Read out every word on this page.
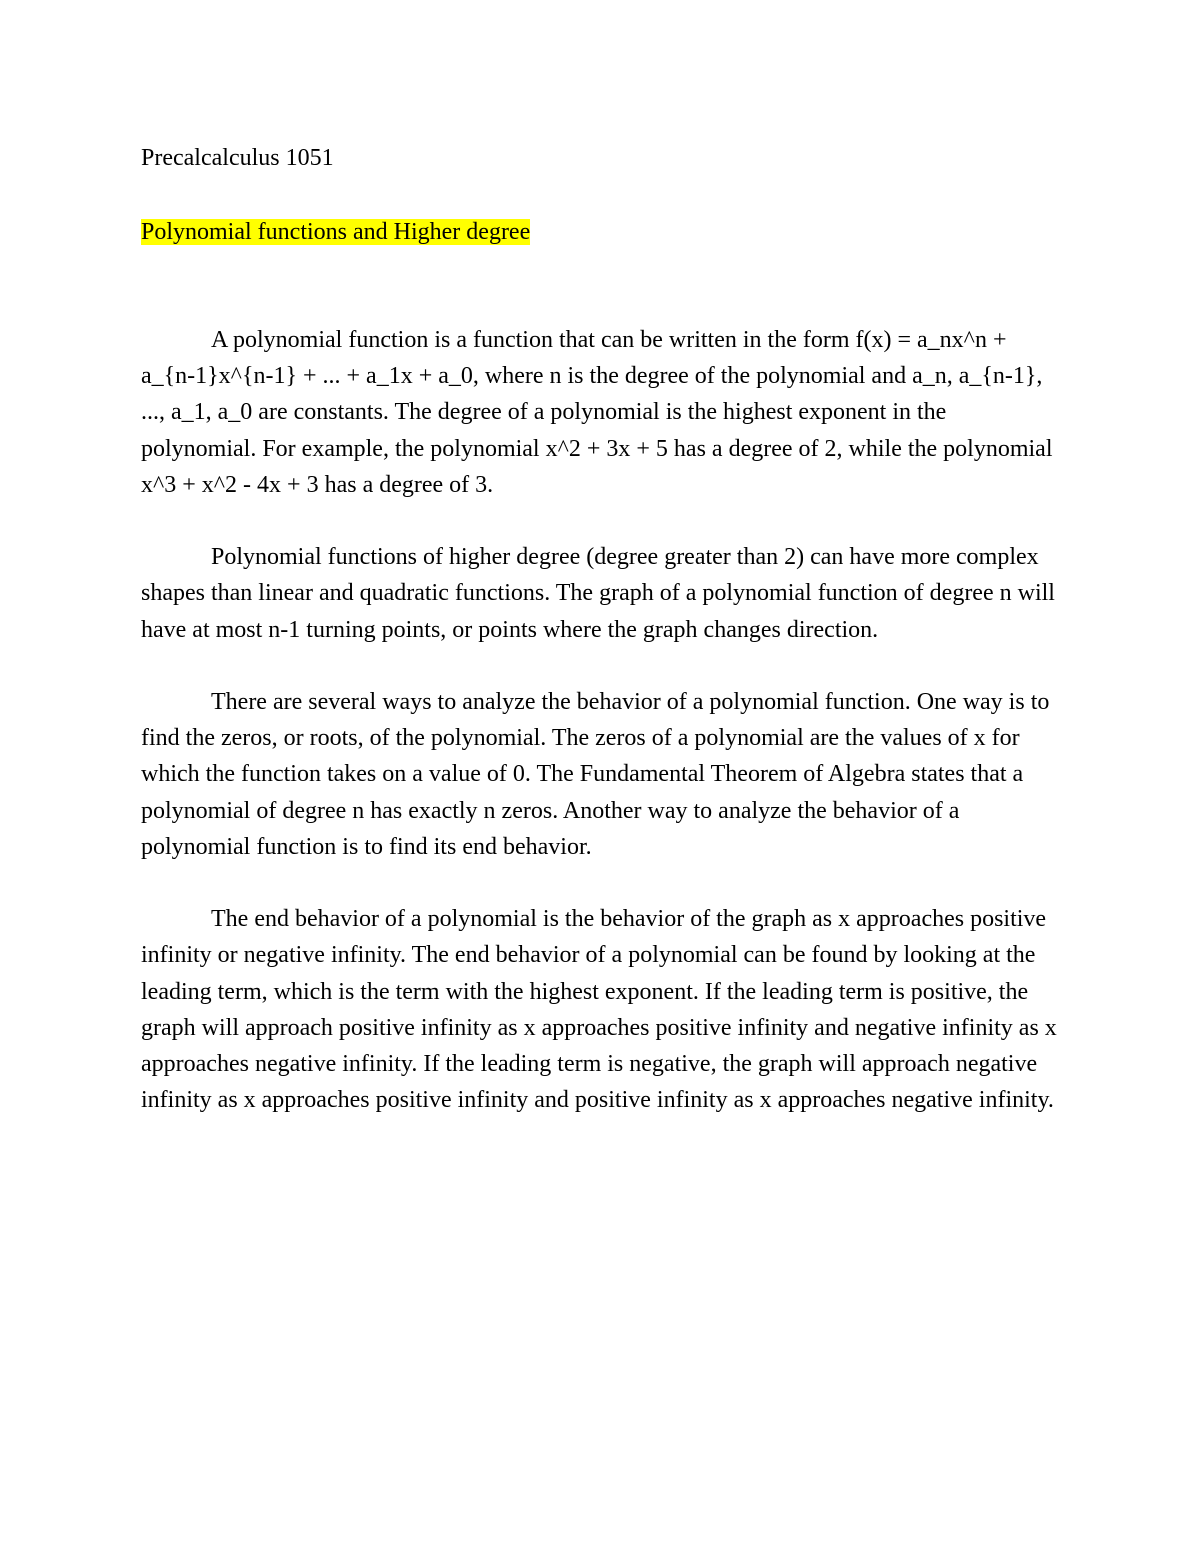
Precalcalculus 1051

Polynomial functions and Higher degree

A polynomial function is a function that can be written in the form f(x) = a_nx^n + a_{n-1}x^{n-1} + ... + a_1x + a_0, where n is the degree of the polynomial and a_n, a_{n-1}, ..., a_1, a_0 are constants. The degree of a polynomial is the highest exponent in the polynomial. For example, the polynomial x^2 + 3x + 5 has a degree of 2, while the polynomial x^3 + x^2 - 4x + 3 has a degree of 3.

Polynomial functions of higher degree (degree greater than 2) can have more complex shapes than linear and quadratic functions. The graph of a polynomial function of degree n will have at most n-1 turning points, or points where the graph changes direction.

There are several ways to analyze the behavior of a polynomial function. One way is to find the zeros, or roots, of the polynomial. The zeros of a polynomial are the values of x for which the function takes on a value of 0. The Fundamental Theorem of Algebra states that a polynomial of degree n has exactly n zeros. Another way to analyze the behavior of a polynomial function is to find its end behavior.

The end behavior of a polynomial is the behavior of the graph as x approaches positive infinity or negative infinity. The end behavior of a polynomial can be found by looking at the leading term, which is the term with the highest exponent. If the leading term is positive, the graph will approach positive infinity as x approaches positive infinity and negative infinity as x approaches negative infinity. If the leading term is negative, the graph will approach negative infinity as x approaches positive infinity and positive infinity as x approaches negative infinity.
